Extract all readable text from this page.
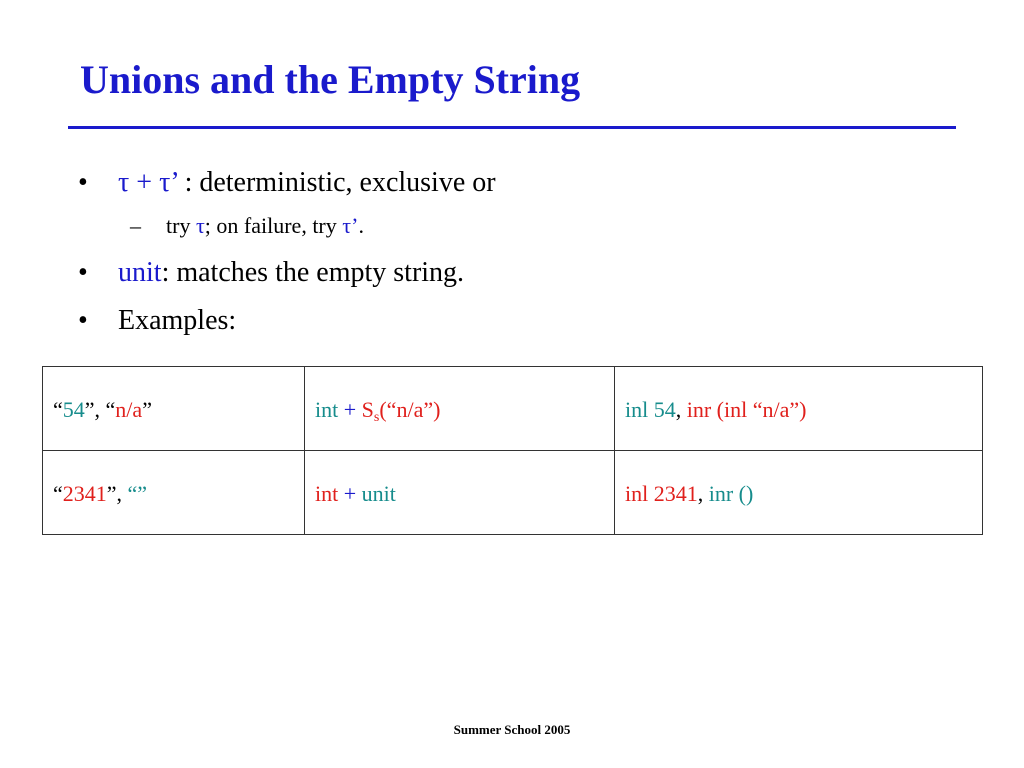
Unions and the Empty String
• τ + τ’ : deterministic, exclusive or
– try τ; on failure, try τ’.
• unit: matches the empty string.
• Examples:
“54”, “n/a”	int + $S_s(“n/a”)$	inl 54, inr (inl “n/a”)
“2341”, “”	int + unit	inl 2341, inr ()
Summer School 2005
